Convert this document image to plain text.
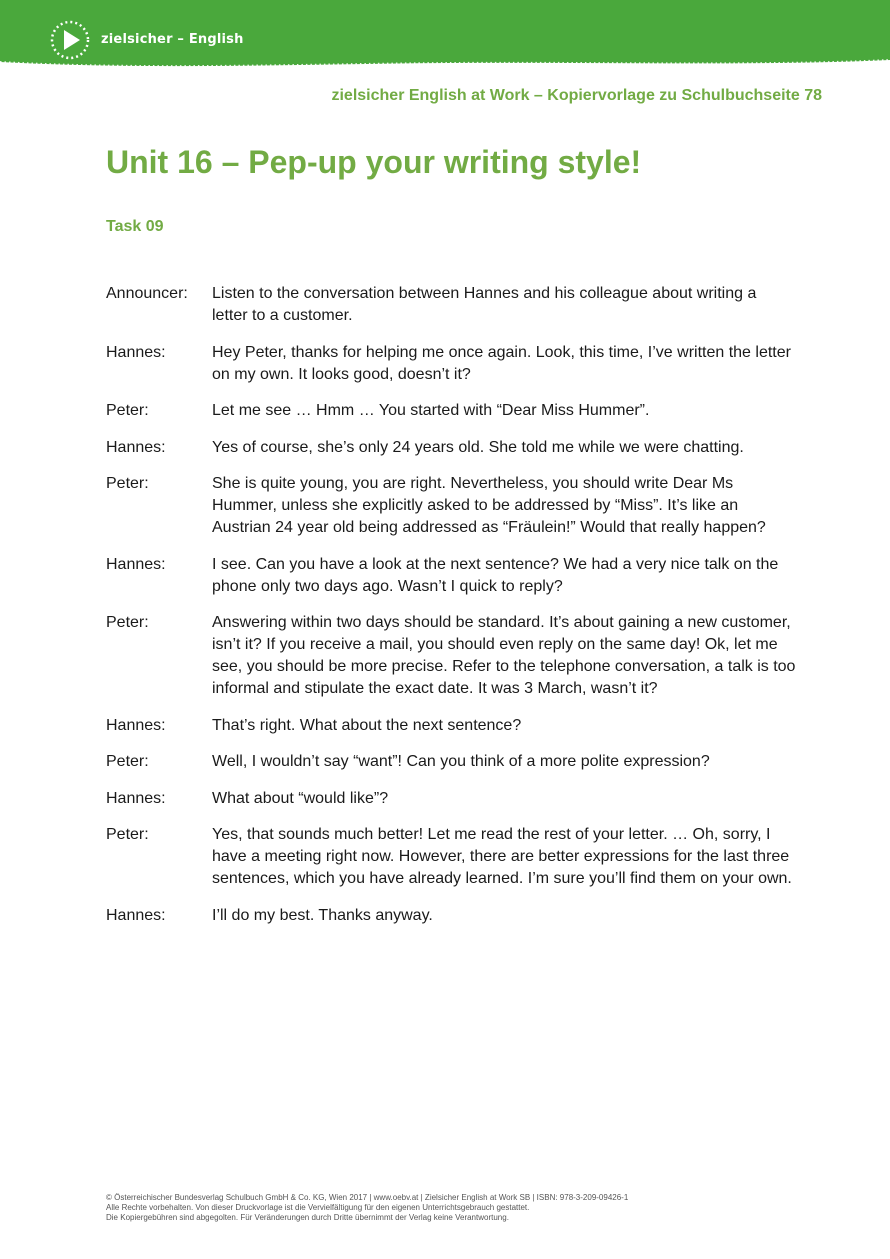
zielsicher – English
zielsicher English at Work – Kopiervorlage zu Schulbuchseite 78
Unit 16 – Pep-up your writing style!
Task 09
Announcer:	Listen to the conversation between Hannes and his colleague about writing a letter to a customer.
Hannes:	Hey Peter, thanks for helping me once again. Look, this time, I’ve written the letter on my own. It looks good, doesn’t it?
Peter:	Let me see … Hmm … You started with “Dear Miss Hummer”.
Hannes:	Yes of course, she’s only 24 years old. She told me while we were chatting.
Peter:	She is quite young, you are right. Nevertheless, you should write Dear Ms Hummer, unless she explicitly asked to be addressed by “Miss”. It’s like an Austrian 24 year old being addressed as “Fräulein!” Would that really happen?
Hannes:	I see. Can you have a look at the next sentence? We had a very nice talk on the phone only two days ago. Wasn’t I quick to reply?
Peter:	Answering within two days should be standard. It’s about gaining a new customer, isn’t it? If you receive a mail, you should even reply on the same day! Ok, let me see, you should be more precise. Refer to the telephone conversation, a talk is too informal and stipulate the exact date. It was 3 March, wasn’t it?
Hannes:	That’s right. What about the next sentence?
Peter:	Well, I wouldn’t say “want”! Can you think of a more polite expression?
Hannes:	What about “would like”?
Peter:	Yes, that sounds much better! Let me read the rest of your letter. … Oh, sorry, I have a meeting right now. However, there are better expressions for the last three sentences, which you have already learned. I’m sure you’ll find them on your own.
Hannes:	I’ll do my best. Thanks anyway.
© Österreichischer Bundesverlag Schulbuch GmbH & Co. KG, Wien 2017 | www.oebv.at | Zielsicher English at Work SB | ISBN: 978-3-209-09426-1
Alle Rechte vorbehalten. Von dieser Druckvorlage ist die Vervielfältigung für den eigenen Unterrichtsgebrauch gestattet.
Die Kopiergebühren sind abgegolten. Für Veränderungen durch Dritte übernimmt der Verlag keine Verantwortung.
